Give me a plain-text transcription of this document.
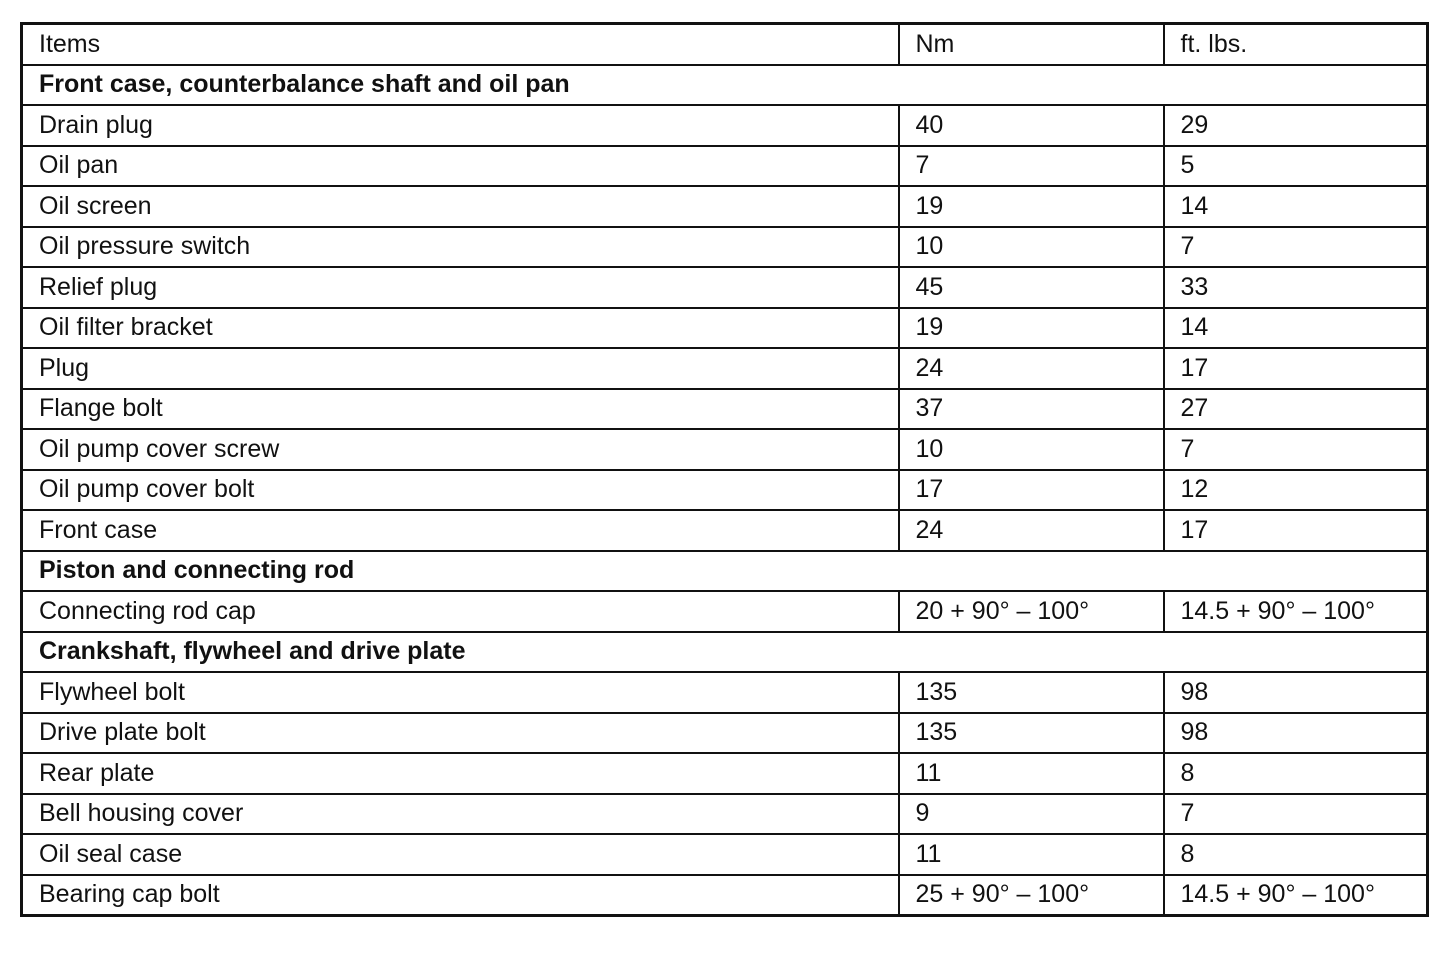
Items	Nm	ft. lbs.
Front case, counterbalance shaft and oil pan		
Drain plug	40	29
Oil pan	7	5
Oil screen	19	14
Oil pressure switch	10	7
Relief plug	45	33
Oil filter bracket	19	14
Plug	24	17
Flange bolt	37	27
Oil pump cover screw	10	7
Oil pump cover bolt	17	12
Front case	24	17
Piston and connecting rod		
Connecting rod cap	20 + 90° – 100°	14.5 + 90° – 100°
Crankshaft, flywheel and drive plate		
Flywheel bolt	135	98
Drive plate bolt	135	98
Rear plate	11	8
Bell housing cover	9	7
Oil seal case	11	8
Bearing cap bolt	25 + 90° – 100°	14.5 + 90° – 100°
